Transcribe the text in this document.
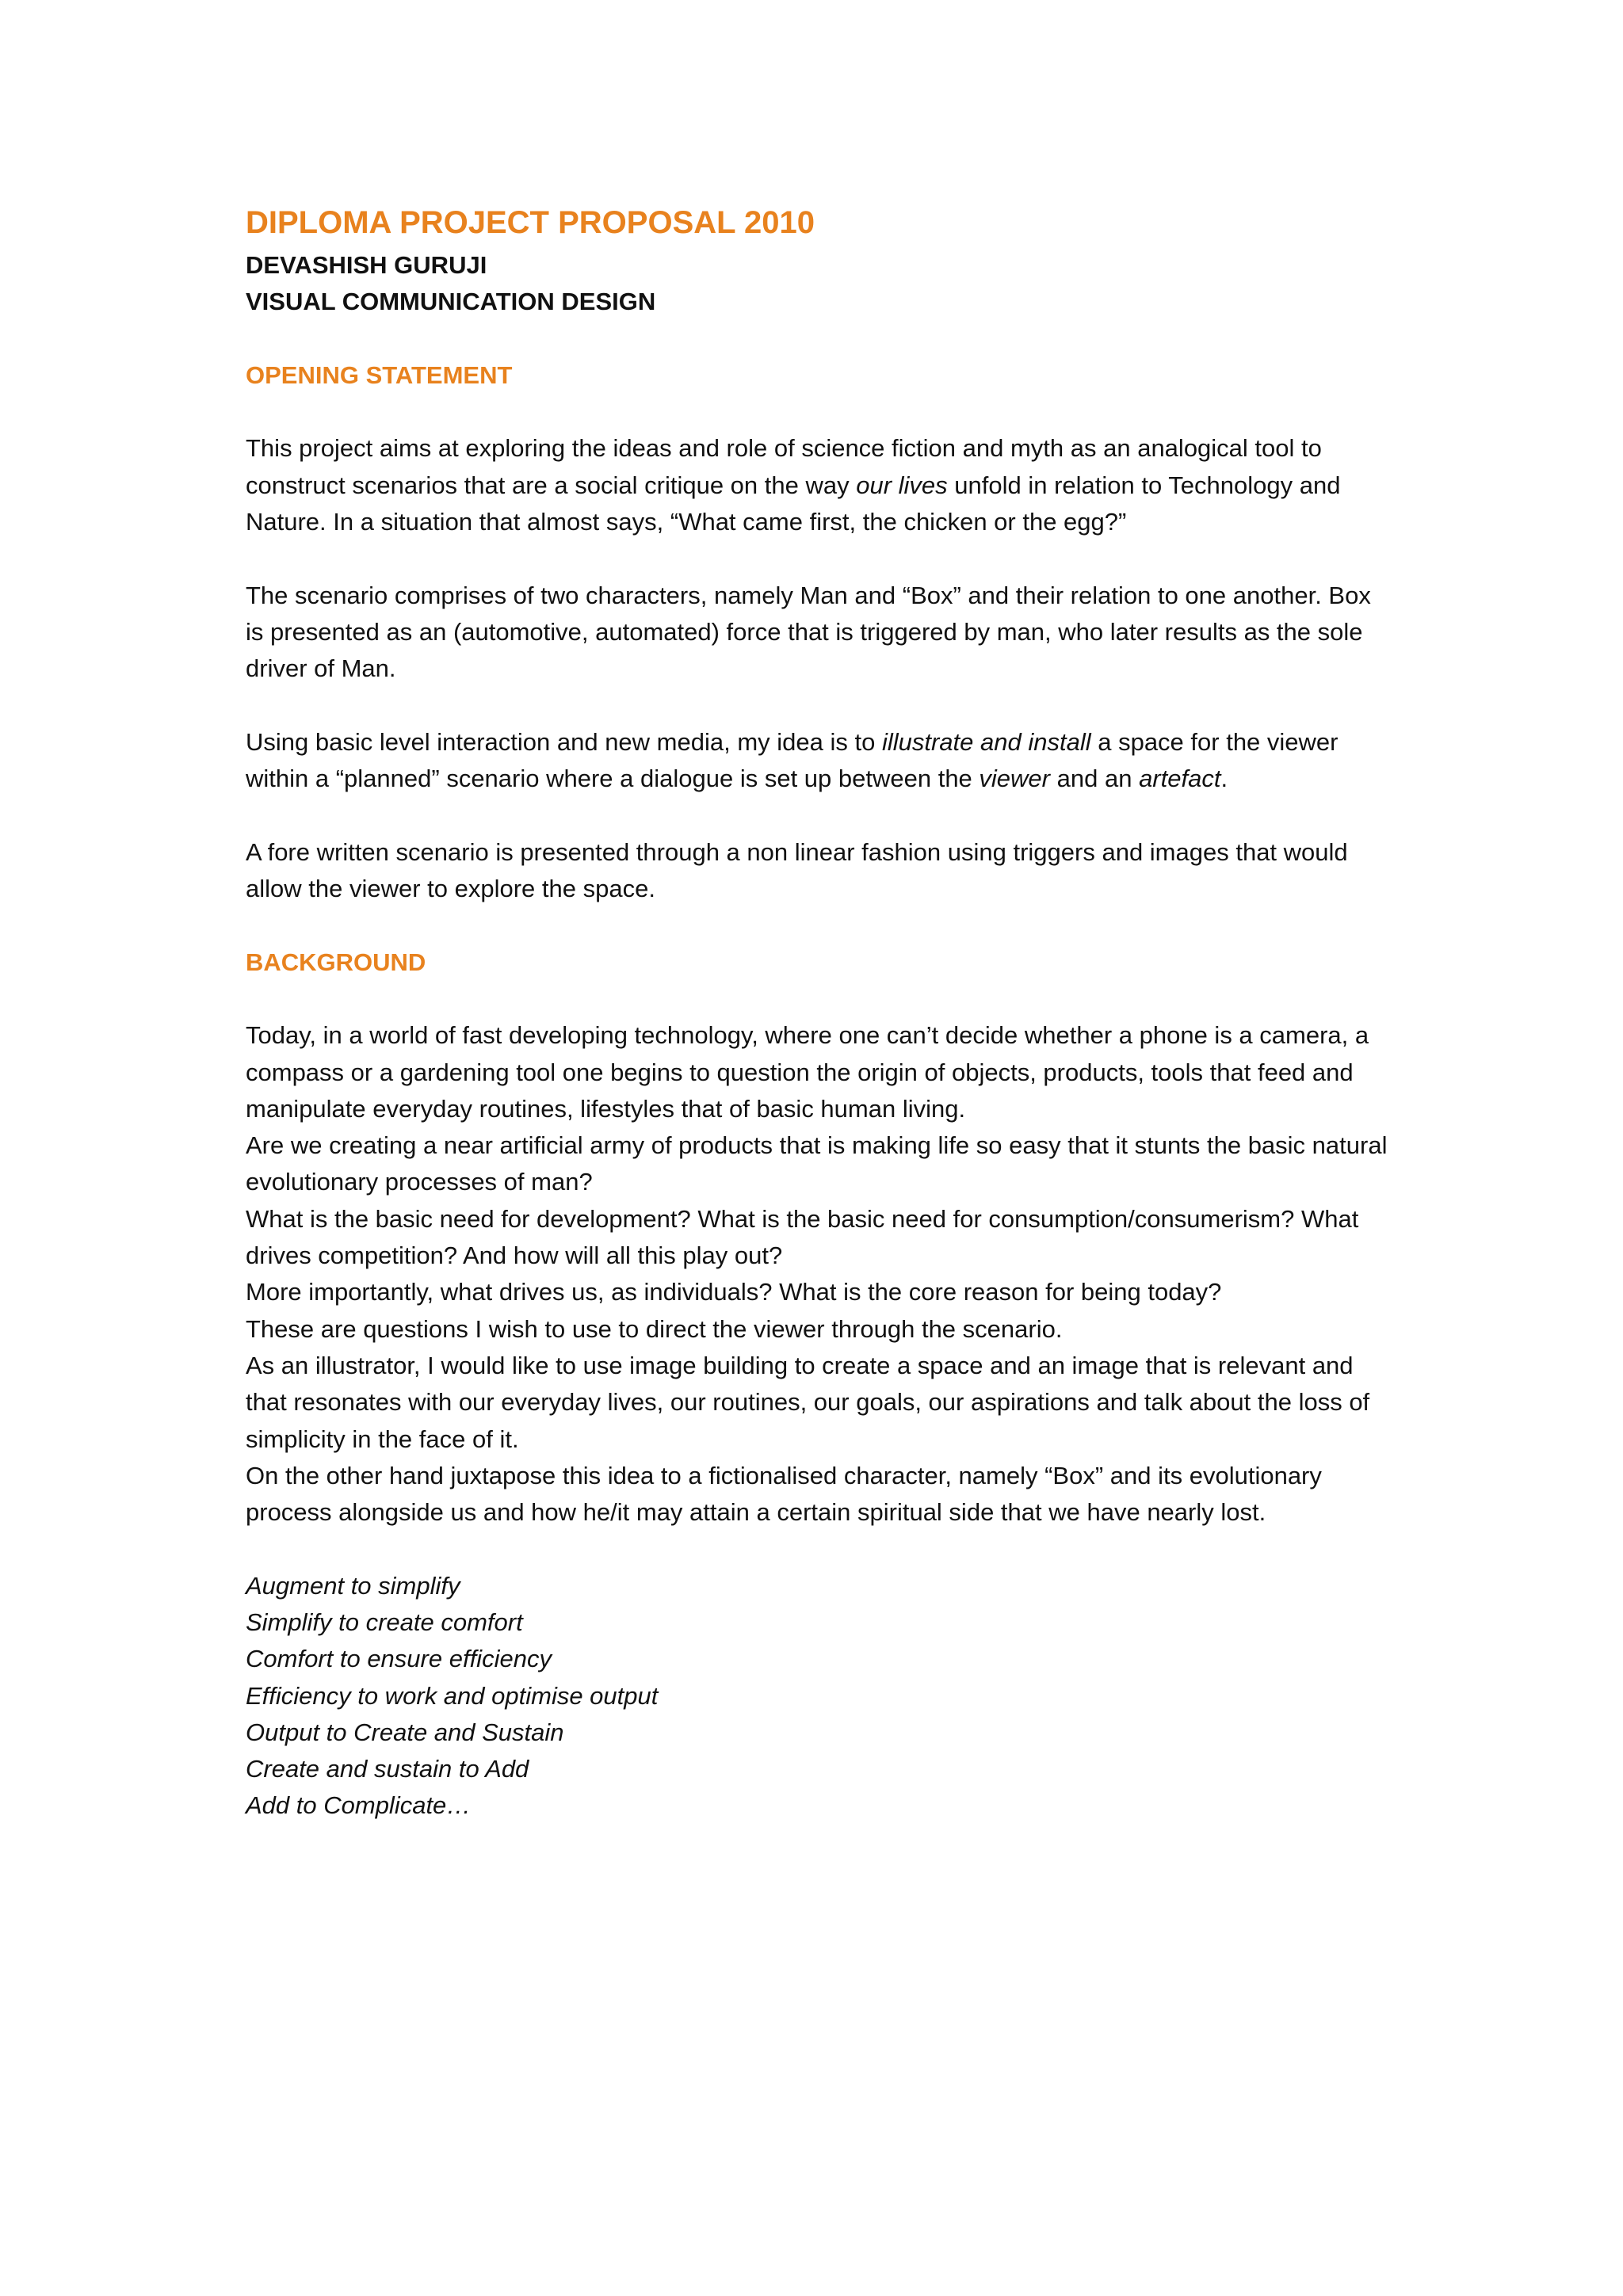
DIPLOMA PROJECT PROPOSAL 2010

DEVASHISH GURUJI

VISUAL COMMUNICATION DESIGN

OPENING STATEMENT

This project aims at exploring the ideas and role of science fiction and myth as an analogical tool to construct scenarios that are a social critique on the way our lives unfold in relation to Technology and Nature. In a situation that almost says, “What came first, the chicken or the egg?”

The scenario comprises of two characters, namely Man and “Box” and their relation to one another. Box is presented as an (automotive, automated) force that is triggered by man, who later results as the sole driver of Man.

Using basic level interaction and new media, my idea is to illustrate and install a space for the viewer within a “planned” scenario where a dialogue is set up between the viewer and an artefact.

A fore written scenario is presented through a non linear fashion using triggers and images that would allow the viewer to explore the space.

BACKGROUND

Today, in a world of fast developing technology, where one can’t decide whether a phone is a camera, a compass or a gardening tool one begins to question the origin of objects, products, tools that feed and manipulate everyday routines, lifestyles that of basic human living.

Are we creating a near artificial army of products that is making life so easy that it stunts the basic natural evolutionary processes of man?

What is the basic need for development? What is the basic need for consumption/consumerism? What drives competition? And how will all this play out?

More importantly, what drives us, as individuals? What is the core reason for being today?

These are questions I wish to use to direct the viewer through the scenario.

As an illustrator, I would like to use image building to create a space and an image that is relevant and that resonates with our everyday lives, our routines, our goals, our aspirations and talk about the loss of simplicity in the face of it.

On the other hand juxtapose this idea to a fictionalised character, namely “Box” and its evolutionary process alongside us and how he/it may attain a certain spiritual side that we have nearly lost.

Augment to simplify
Simplify to create comfort
Comfort to ensure efficiency
Efficiency to work and optimise output
Output to Create and Sustain
Create and sustain to Add
Add to Complicate…
